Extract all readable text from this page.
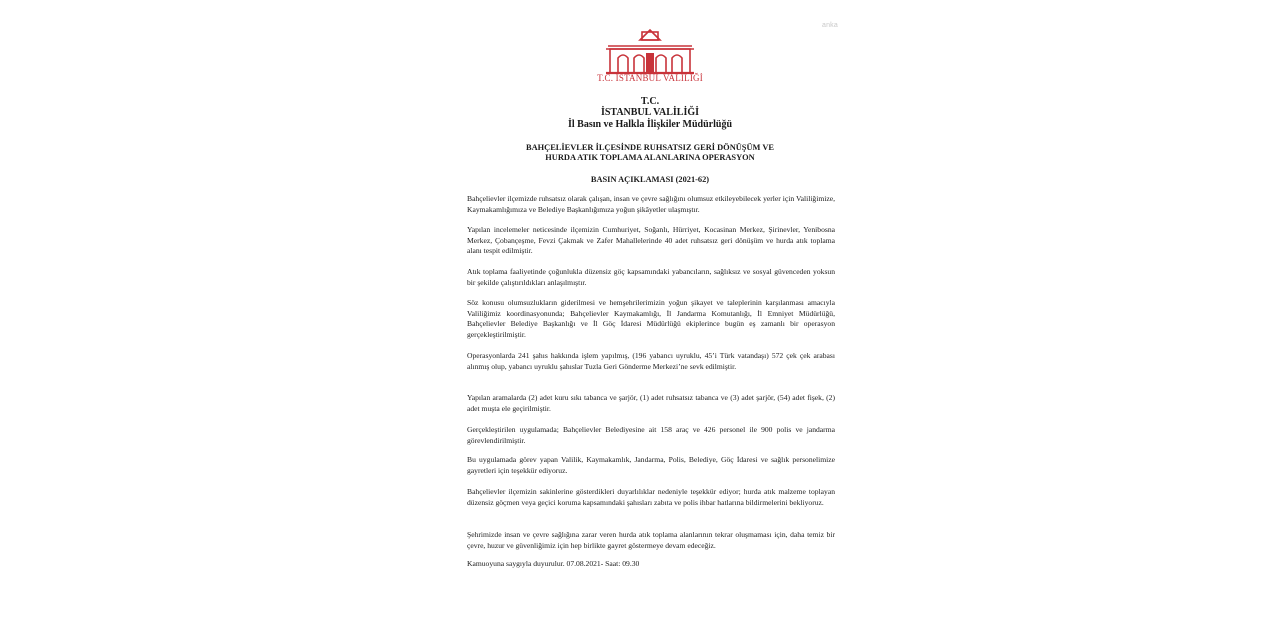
anka
T.C. İSTANBUL VALİLİĞİ
T.C.
İSTANBUL VALİLİĞİ
İl Basın ve Halkla İlişkiler Müdürlüğü
BAHÇELİEVLER İLÇESİNDE RUHSATSIZ GERİ DÖNÜŞÜM VE
HURDA ATIK TOPLAMA ALANLARINA OPERASYON
BASIN AÇIKLAMASI (2021-62)

Bahçelievler ilçemizde ruhsatsız olarak çalışan, insan ve çevre sağlığını olumsuz etkileyebilecek yerler için Valiliğimize, Kaymakamlığımıza ve Belediye Başkanlığımıza yoğun şikâyetler ulaşmıştır.

Yapılan incelemeler neticesinde ilçemizin Cumhuriyet, Soğanlı, Hürriyet, Kocasinan Merkez, Şirinevler, Yenibosna Merkez, Çobançeşme, Fevzi Çakmak ve Zafer Mahallelerinde 40 adet ruhsatsız geri dönüşüm ve hurda atık toplama alanı tespit edilmiştir.

Atık toplama faaliyetinde çoğunlukla düzensiz göç kapsamındaki yabancıların, sağlıksız ve sosyal güvenceden yoksun bir şekilde çalıştırıldıkları anlaşılmıştır.

Söz konusu olumsuzlukların giderilmesi ve hemşehrilerimizin yoğun şikayet ve taleplerinin karşılanması amacıyla Valiliğimiz koordinasyonunda; Bahçelievler Kaymakamlığı, İl Jandarma Komutanlığı, İl Emniyet Müdürlüğü, Bahçelievler Belediye Başkanlığı ve İl Göç İdaresi Müdürlüğü ekiplerince bugün eş zamanlı bir operasyon gerçekleştirilmiştir.

Operasyonlarda 241 şahıs hakkında işlem yapılmış, (196 yabancı uyruklu, 45’i Türk vatandaşı) 572 çek çek arabası alınmış olup, yabancı uyruklu şahıslar Tuzla Geri Gönderme Merkezi’ne sevk edilmiştir.

Yapılan aramalarda (2) adet kuru sıkı tabanca ve şarjör, (1) adet ruhsatsız tabanca ve (3) adet şarjör, (54) adet fişek, (2) adet muşta ele geçirilmiştir.

Gerçekleştirilen uygulamada; Bahçelievler Belediyesine ait 158 araç ve 426 personel ile 900 polis ve jandarma görevlendirilmiştir.

Bu uygulamada görev yapan Valilik, Kaymakamlık, Jandarma, Polis, Belediye, Göç İdaresi ve sağlık personelimize gayretleri için teşekkür ediyoruz.

Bahçelievler ilçemizin sakinlerine gösterdikleri duyarlılıklar nedeniyle teşekkür ediyor; hurda atık malzeme toplayan düzensiz göçmen veya geçici koruma kapsamındaki şahısları zabıta ve polis ihbar hatlarına bildirmelerini bekliyoruz.

Şehrimizde insan ve çevre sağlığına zarar veren hurda atık toplama alanlarının tekrar oluşmaması için, daha temiz bir çevre, huzur ve güvenliğimiz için hep birlikte gayret göstermeye devam edeceğiz.

Kamuoyuna saygıyla duyurulur. 07.08.2021- Saat: 09.30
